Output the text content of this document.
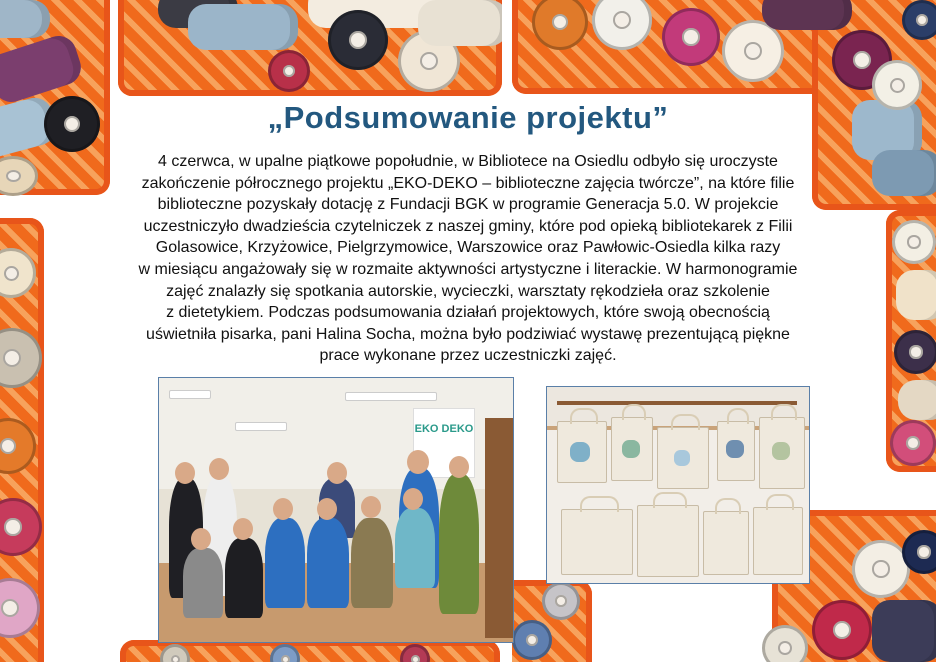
„Podsumowanie projektu”

4 czerwca, w upalne piątkowe popołudnie, w Bibliotece na Osiedlu odbyło się uroczyste
zakończenie półrocznego projektu „EKO-DEKO – biblioteczne zajęcia twórcze”, na które filie
biblioteczne pozyskały dotację z Fundacji BGK w programie Generacja 5.0. W projekcie
uczestniczyło dwadzieścia czytelniczek z naszej gminy, które pod opieką bibliotekarek z Filii
Golasowice, Krzyżowice, Pielgrzymowice, Warszowice oraz Pawłowic-Osiedla kilka razy
w miesiącu angażowały się w rozmaite aktywności artystyczne i literackie. W harmonogramie
zajęć znalazły się spotkania autorskie, wycieczki, warsztaty rękodzieła oraz szkolenie
z dietetykiem. Podczas podsumowania działań projektowych, które swoją obecnością
uświetniła pisarka, pani Halina Socha, można było podziwiać wystawę prezentującą piękne
prace wykonane przez uczestniczki zajęć.

EKO DEKO
